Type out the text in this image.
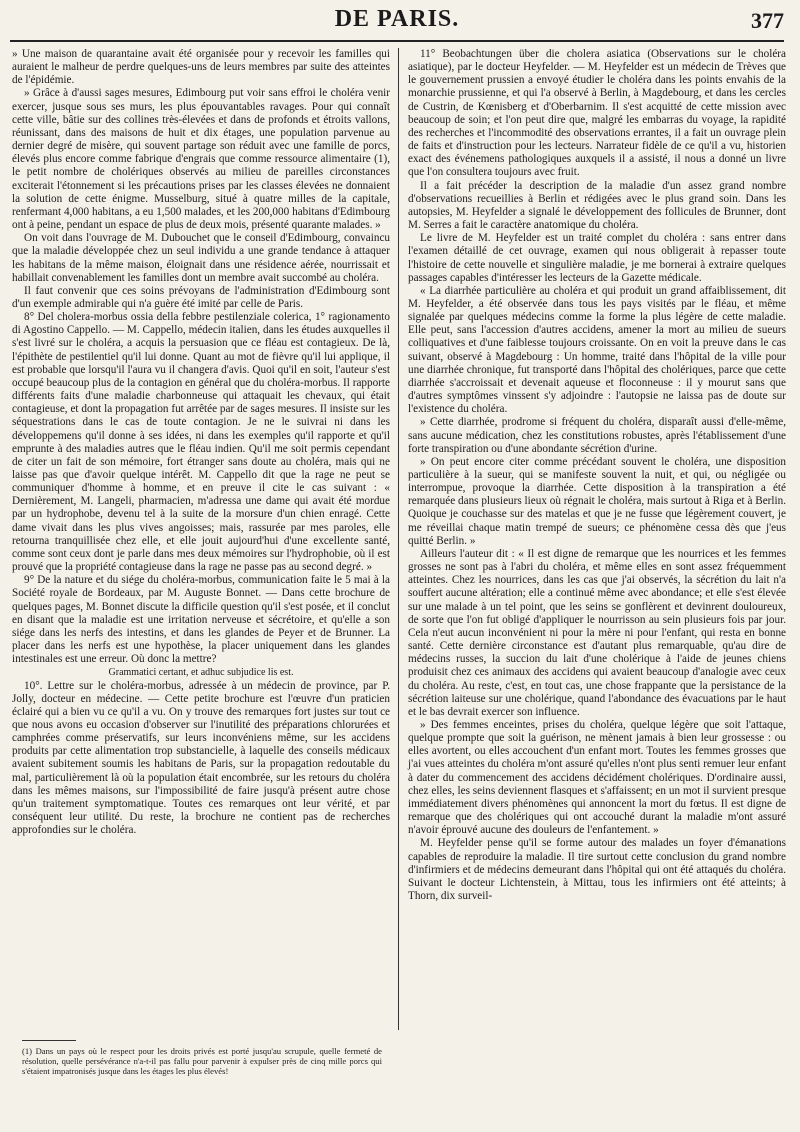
DE PARIS.	377

» Une maison de quarantaine avait été organisée pour y recevoir les familles qui auraient le malheur de perdre quelques-uns de leurs membres par suite des atteintes de l'épidémie.

» Grâce à d'aussi sages mesures, Edimbourg put voir sans effroi le choléra venir exercer, jusque sous ses murs, les plus épouvantables ravages. Pour qui connaît cette ville, bâtie sur des collines très-élevées et dans de profonds et étroits vallons, réunissant, dans des maisons de huit et dix étages, une population parvenue au dernier degré de misère, qui souvent partage son réduit avec une famille de porcs, élevés plus encore comme fabrique d'engrais que comme ressource alimentaire (1), le petit nombre de cholériques observés au milieu de pareilles circonstances exciterait l'étonnement si les précautions prises par les classes élevées ne donnaient la solution de cette énigme. Musselburg, situé à quatre milles de la capitale, renfermant 4,000 habitans, a eu 1,500 malades, et les 200,000 habitans d'Edimbourg ont à peine, pendant un espace de plus de deux mois, présenté quarante malades. »

On voit dans l'ouvrage de M. Dubouchet que le conseil d'Edimbourg, convaincu que la maladie développée chez un seul individu a une grande tendance à attaquer les habitans de la même maison, éloignait dans une résidence aérée, nourrissait et habillait convenablement les familles dont un membre avait succombé au choléra.

Il faut convenir que ces soins prévoyans de l'administration d'Edimbourg sont d'un exemple admirable qui n'a guère été imité par celle de Paris.

8° Del cholera-morbus ossia della febbre pestilenziale colerica, 1° ragionamento di Agostino Cappello. — M. Cappello, médecin italien, dans les études auxquelles il s'est livré sur le choléra, a acquis la persuasion que ce fléau est contagieux. De là, l'épithète de pestilentiel qu'il lui donne. Quant au mot de fièvre qu'il lui applique, il est probable que lorsqu'il l'aura vu il changera d'avis. Quoi qu'il en soit, l'auteur s'est occupé beaucoup plus de la contagion en général que du choléra-morbus. Il rapporte différents faits d'une maladie charbonneuse qui attaquait les chevaux, qui était contagieuse, et dont la propagation fut arrêtée par de sages mesures. Il insiste sur les séquestrations dans le cas de toute contagion. Je ne le suivrai ni dans les développemens qu'il donne à ses idées, ni dans les exemples qu'il rapporte et qu'il emprunte à des maladies autres que le fléau indien. Qu'il me soit permis cependant de citer un fait de son mémoire, fort étranger sans doute au choléra, mais qui ne laisse pas que d'avoir quelque intérêt. M. Cappello dit que la rage ne peut se communiquer d'homme à homme, et en preuve il cite le cas suivant : « Dernièrement, M. Langeli, pharmacien, m'adressa une dame qui avait été mordue par un hydrophobe, devenu tel à la suite de la morsure d'un chien enragé. Cette dame vivait dans les plus vives angoisses; mais, rassurée par mes paroles, elle retourna tranquillisée chez elle, et elle jouit aujourd'hui d'une excellente santé, comme sont ceux dont je parle dans mes deux mémoires sur l'hydrophobie, où il est prouvé que la propriété contagieuse dans la rage ne passe pas au second degré. »

9° De la nature et du siége du choléra-morbus, communication faite le 5 mai à la Société royale de Bordeaux, par M. Auguste Bonnet. — Dans cette brochure de quelques pages, M. Bonnet discute la difficile question qu'il s'est posée, et il conclut en disant que la maladie est une irritation nerveuse et sécrétoire, et qu'elle a son siége dans les nerfs des intestins, et dans les glandes de Peyer et de Brunner. La placer dans les nerfs est une hypothèse, la placer uniquement dans les glandes intestinales est une erreur. Où donc la mettre?

Grammatici certant, et adhuc subjudice lis est.

10°. Lettre sur le choléra-morbus, adressée à un médecin de province, par P. Jolly, docteur en médecine. — Cette petite brochure est l'œuvre d'un praticien éclairé qui a bien vu ce qu'il a vu. On y trouve des remarques fort justes sur tout ce que nous avons eu occasion d'observer sur l'inutilité des préparations chlorurées et camphrées comme préservatifs, sur leurs inconvéniens même, sur les accidens produits par cette alimentation trop substancielle, à laquelle des conseils médicaux avaient subitement soumis les habitans de Paris, sur la propagation redoutable du mal, particulièrement là où la population était encombrée, sur les retours du choléra dans les mêmes maisons, sur l'impossibilité de faire jusqu'à présent autre chose qu'un traitement symptomatique. Toutes ces remarques ont leur vérité, et par conséquent leur utilité. Du reste, la brochure ne contient pas de recherches approfondies sur le choléra.

11° Beobachtungen über die cholera asiatica (Observations sur le choléra asiatique), par le docteur Heyfelder. — M. Heyfelder est un médecin de Trèves que le gouvernement prussien a envoyé étudier le choléra dans les points envahis de la monarchie prussienne, et qui l'a observé à Berlin, à Magdebourg, et dans les cercles de Custrin, de Kœnisberg et d'Oberbarnim. Il s'est acquitté de cette mission avec beaucoup de soin; et l'on peut dire que, malgré les embarras du voyage, la rapidité des recherches et l'incommodité des observations errantes, il a fait un ouvrage plein de faits et d'instruction pour les lecteurs. Narrateur fidèle de ce qu'il a vu, historien exact des événemens pathologiques auxquels il a assisté, il nous a donné un livre que l'on consultera toujours avec fruit.

Il a fait précéder la description de la maladie d'un assez grand nombre d'observations recueillies à Berlin et rédigées avec le plus grand soin. Dans les autopsies, M. Heyfelder a signalé le développement des follicules de Brunner, dont M. Serres a fait le caractère anatomique du choléra.

Le livre de M. Heyfelder est un traité complet du choléra : sans entrer dans l'examen détaillé de cet ouvrage, examen qui nous obligerait à repasser toute l'histoire de cette nouvelle et singulière maladie, je me bornerai à extraire quelques passages capables d'intéresser les lecteurs de la Gazette médicale.

« La diarrhée particulière au choléra et qui produit un grand affaiblissement, dit M. Heyfelder, a été observée dans tous les pays visités par le fléau, et même signalée par quelques médecins comme la forme la plus légère de cette maladie. Elle peut, sans l'accession d'autres accidens, amener la mort au milieu de sueurs colliquatives et d'une faiblesse toujours croissante. On en voit la preuve dans le cas suivant, observé à Magdebourg : Un homme, traité dans l'hôpital de la ville pour une diarrhée chronique, fut transporté dans l'hôpital des cholériques, parce que cette diarrhée s'accroissait et devenait aqueuse et floconneuse : il y mourut sans que d'autres symptômes vinssent s'y adjoindre : l'autopsie ne laissa pas de doute sur l'existence du choléra.

» Cette diarrhée, prodrome si fréquent du choléra, disparaît aussi d'elle-même, sans aucune médication, chez les constitutions robustes, après l'établissement d'une forte transpiration ou d'une abondante sécrétion d'urine.

» On peut encore citer comme précédant souvent le choléra, une disposition particulière à la sueur, qui se manifeste souvent la nuit, et qui, ou négligée ou interrompue, provoque la diarrhée. Cette disposition à la transpiration a été remarquée dans plusieurs lieux où régnait le choléra, mais surtout à Riga et à Berlin. Quoique je couchasse sur des matelas et que je ne fusse que légèrement couvert, je me réveillai chaque matin trempé de sueurs; ce phénomène cessa dès que j'eus quitté Berlin. »

Ailleurs l'auteur dit : « Il est digne de remarque que les nourrices et les femmes grosses ne sont pas à l'abri du choléra, et même elles en sont assez fréquemment atteintes. Chez les nourrices, dans les cas que j'ai observés, la sécrétion du lait n'a souffert aucune altération; elle a continué même avec abondance; et elle s'est élevée sur une malade à un tel point, que les seins se gonflèrent et devinrent douloureux, de sorte que l'on fut obligé d'appliquer le nourrisson au sein plusieurs fois par jour. Cela n'eut aucun inconvénient ni pour la mère ni pour l'enfant, qui resta en bonne santé. Cette dernière circonstance est d'autant plus remarquable, qu'au dire de médecins russes, la succion du lait d'une cholérique à l'aide de jeunes chiens produisit chez ces animaux des accidens qui avaient beaucoup d'analogie avec ceux du choléra. Au reste, c'est, en tout cas, une chose frappante que la persistance de la sécrétion laiteuse sur une cholérique, quand l'abondance des évacuations par le haut et le bas devrait exercer son influence.

» Des femmes enceintes, prises du choléra, quelque légère que soit l'attaque, quelque prompte que soit la guérison, ne mènent jamais à bien leur grossesse : ou elles avortent, ou elles accouchent d'un enfant mort. Toutes les femmes grosses que j'ai vues atteintes du choléra m'ont assuré qu'elles n'ont plus senti remuer leur enfant à dater du commencement des accidens décidément cholériques. D'ordinaire aussi, chez elles, les seins deviennent flasques et s'affaissent; en un mot il survient presque immédiatement divers phénomènes qui annoncent la mort du fœtus. Il est digne de remarque que des cholériques qui ont accouché durant la maladie m'ont assuré n'avoir éprouvé aucune des douleurs de l'enfantement. »

M. Heyfelder pense qu'il se forme autour des malades un foyer d'émanations capables de reproduire la maladie. Il tire surtout cette conclusion du grand nombre d'infirmiers et de médecins demeurant dans l'hôpital qui ont été attaqués du choléra. Suivant le docteur Lichtenstein, à Mittau, tous les infirmiers ont été atteints; à Thorn, dix surveil-

(1) Dans un pays où le respect pour les droits privés est porté jusqu'au scrupule, quelle fermeté de résolution, quelle persévérance n'a-t-il pas fallu pour parvenir à expulser près de cinq mille porcs qui s'étaient impatronisés jusque dans les étages les plus élevés!
